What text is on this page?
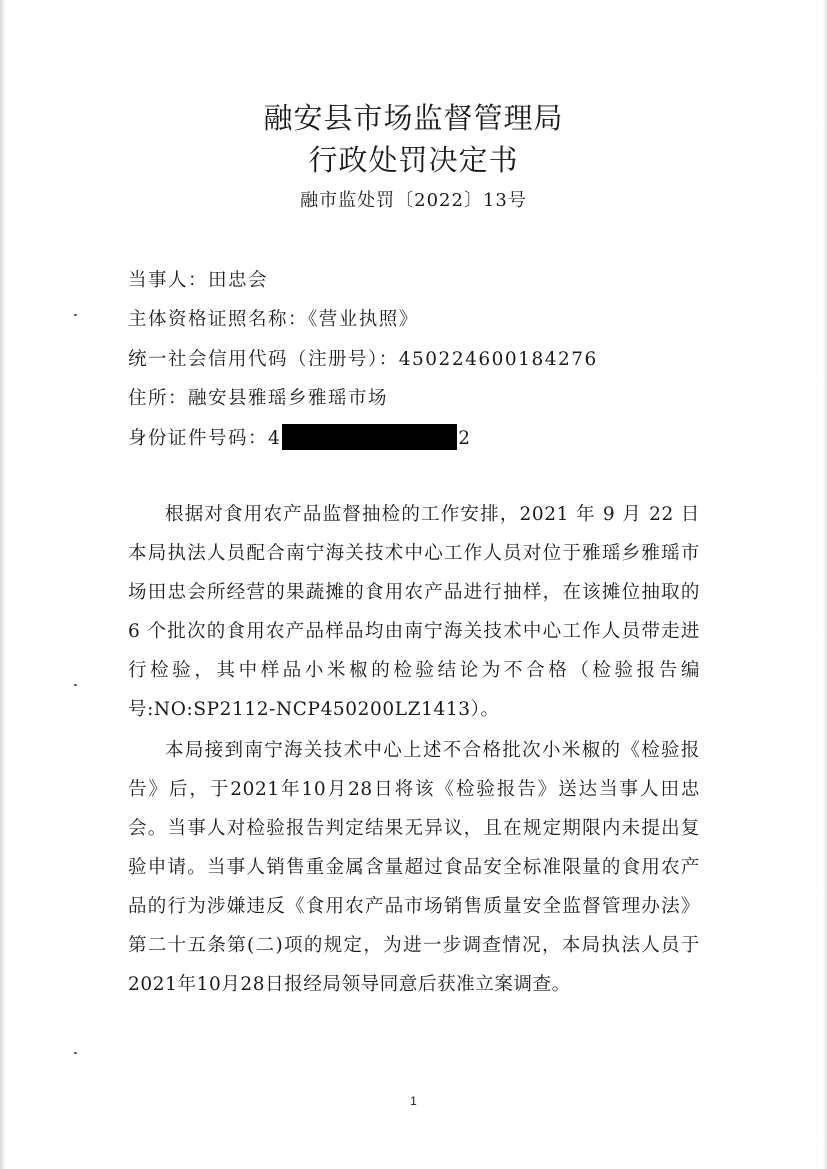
融安县市场监督管理局
行政处罚决定书
融市监处罚〔2022〕13号
当事人：田忠会
主体资格证照名称：《营业执照》
统一社会信用代码（注册号）：450224600184276
住所：融安县雅瑶乡雅瑶市场
身份证件号码：4	2

根据对食用农产品监督抽检的工作安排，2021 年 9 月 22 日本局执法人员配合南宁海关技术中心工作人员对位于雅瑶乡雅瑶市场田忠会所经营的果蔬摊的食用农产品进行抽样，在该摊位抽取的 6 个批次的食用农产品样品均由南宁海关技术中心工作人员带走进行检验，其中样品小米椒的检验结论为不合格（检验报告编号:NO:SP2112-NCP450200LZ1413）。

本局接到南宁海关技术中心上述不合格批次小米椒的《检验报告》后，于2021年10月28日将该《检验报告》送达当事人田忠会。当事人对检验报告判定结果无异议，且在规定期限内未提出复验申请。当事人销售重金属含量超过食品安全标准限量的食用农产品的行为涉嫌违反《食用农产品市场销售质量安全监督管理办法》第二十五条第(二)项的规定，为进一步调查情况，本局执法人员于2021年10月28日报经局领导同意后获准立案调查。

1
